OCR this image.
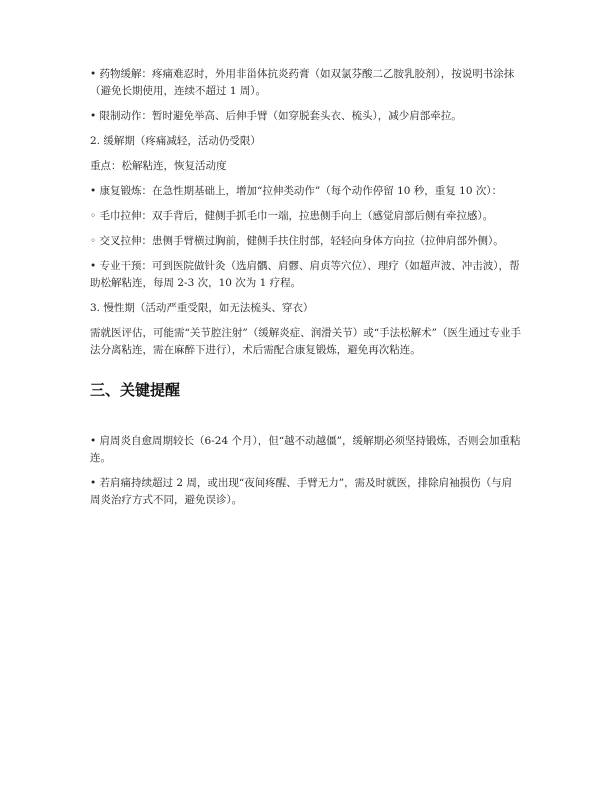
• 药物缓解：疼痛难忍时，外用非甾体抗炎药膏（如双氯芬酸二乙胺乳胶剂），按说明书涂抹（避免长期使用，连续不超过 1 周）。

• 限制动作：暂时避免举高、后伸手臂（如穿脱套头衣、梳头），减少肩部牵拉。

2. 缓解期（疼痛减轻，活动仍受限）

重点：松解粘连，恢复活动度

• 康复锻炼：在急性期基础上，增加“拉伸类动作”（每个动作停留 10 秒，重复 10 次）：

◦ 毛巾拉伸：双手背后，健侧手抓毛巾一端，拉患侧手向上（感觉肩部后侧有牵拉感）。

◦ 交叉拉伸：患侧手臂横过胸前，健侧手扶住肘部，轻轻向身体方向拉（拉伸肩部外侧）。

• 专业干预：可到医院做针灸（选肩髃、肩髎、肩贞等穴位）、理疗（如超声波、冲击波），帮助松解粘连，每周 2-3 次，10 次为 1 疗程。

3. 慢性期（活动严重受限，如无法梳头、穿衣）

需就医评估，可能需“关节腔注射”（缓解炎症、润滑关节）或“手法松解术”（医生通过专业手法分离粘连，需在麻醉下进行），术后需配合康复锻炼，避免再次粘连。

三、关键提醒

• 肩周炎自愈周期较长（6-24 个月），但“越不动越僵”，缓解期必须坚持锻炼，否则会加重粘连。

• 若肩痛持续超过 2 周，或出现“夜间疼醒、手臂无力”，需及时就医，排除肩袖损伤（与肩周炎治疗方式不同，避免误诊）。
